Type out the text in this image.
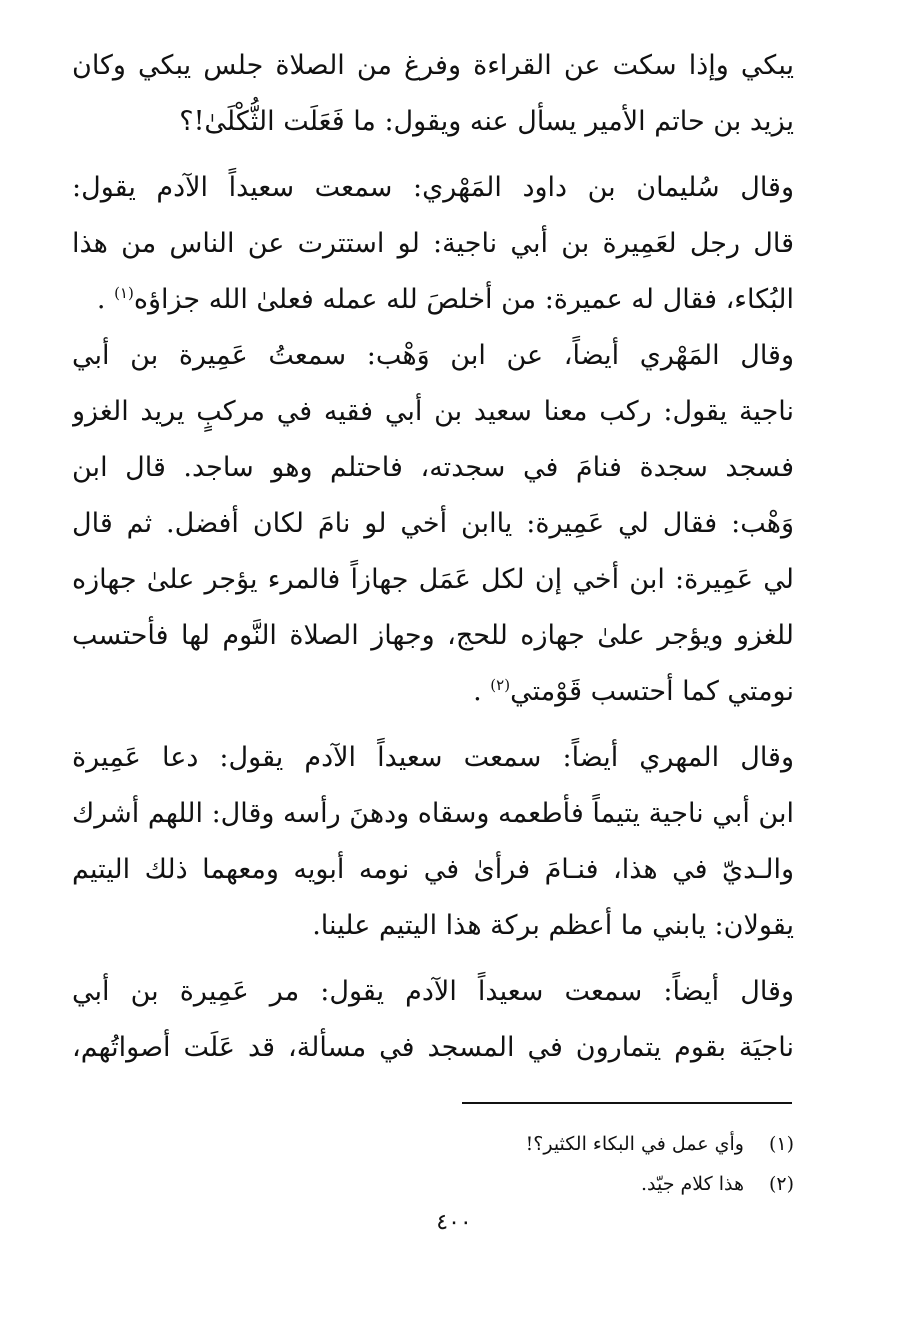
يبكي وإذا سكت عن القراءة وفرغ من الصلاة جلس يبكي وكان
يزيد بن حاتم الأمير يسأل عنه ويقول: ما فَعَلَت الثُّكْلَىٰ!؟
وقال سُليمان بن داود المَهْري: سمعت سعيداً الآدم يقول:
قال رجل لعَمِيرة بن أبي ناجية: لو استترت عن الناس من هذا
البُكاء، فقال له عميرة: من أخلصَ لله عمله فعلىٰ الله جزاؤه$^{(١)}$ .
وقال المَهْري أيضاً، عن ابن وَهْب: سمعتُ عَمِيرة بن أبي
ناجية يقول: ركب معنا سعيد بن أبي فقيه في مركبٍ يريد الغزو
فسجد سجدة فنامَ في سجدته، فاحتلم وهو ساجد. قال ابن
وَهْب: فقال لي عَمِيرة: ياابن أخي لو نامَ لكان أفضل. ثم قال
لي عَمِيرة: ابن أخي إن لكل عَمَل جهازاً فالمرء يؤجر علىٰ جهازه
للغزو ويؤجر علىٰ جهازه للحج، وجهاز الصلاة النَّوم لها فأحتسب
نومتي كما أحتسب قَوْمتي$^{(٢)}$ .
وقال المهري أيضاً: سمعت سعيداً الآدم يقول: دعا عَمِيرة
ابن أبي ناجية يتيماً فأطعمه وسقاه ودهنَ رأسه وقال: اللهم أشرك
والـديّ في هذا، فنـامَ فرأىٰ في نومه أبويه ومعهما ذلك اليتيم
يقولان: يابني ما أعظم بركة هذا اليتيم علينا.
وقال أيضاً: سمعت سعيداً الآدم يقول: مر عَمِيرة بن أبي
ناجيَة بقوم يتمارون في المسجد في مسألة، قد عَلَت أصواتُهم،
(١)وأي عمل في البكاء الكثير؟!
(٢)هذا كلام جيّد.
٤٠٠
